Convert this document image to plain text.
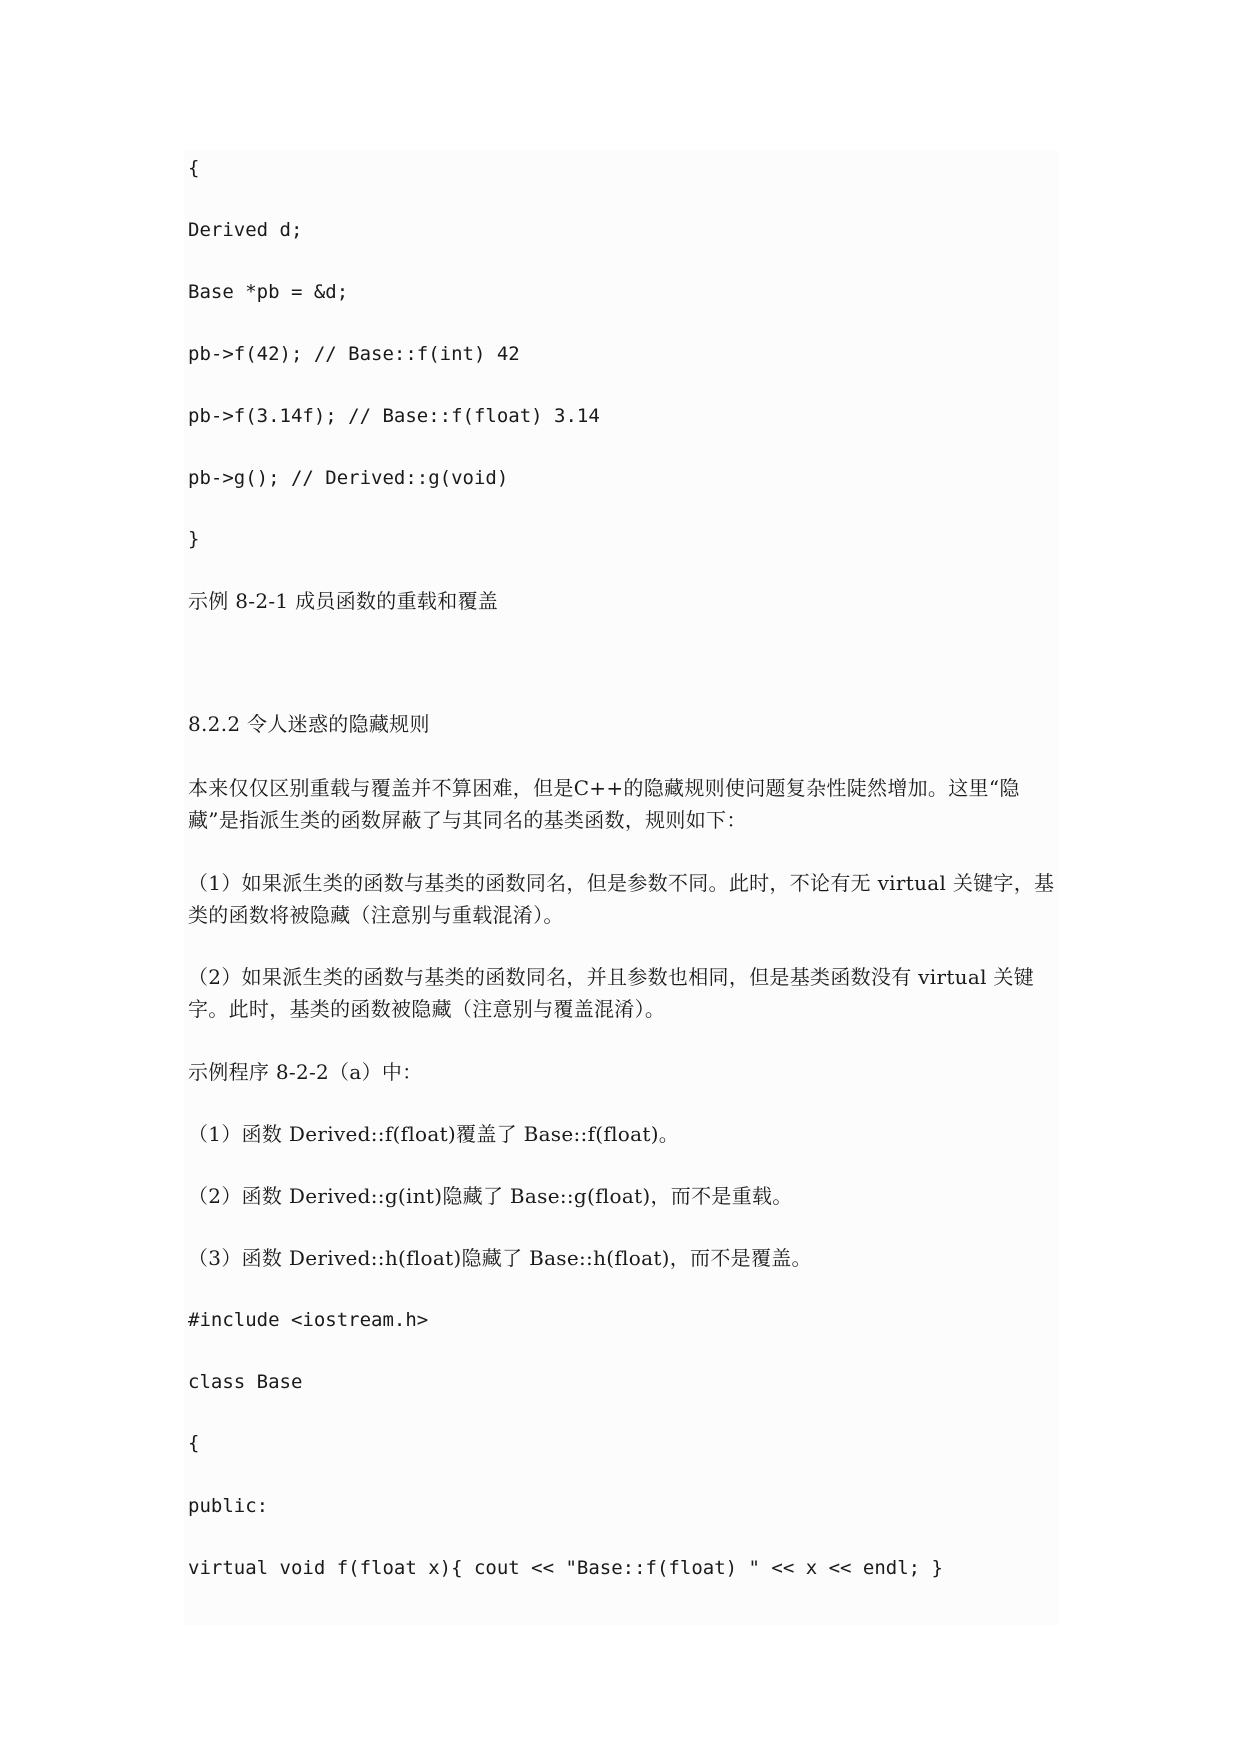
{

Derived d;

Base *pb = &d;

pb->f(42); // Base::f(int) 42

pb->f(3.14f); // Base::f(float) 3.14

pb->g(); // Derived::g(void)

}

示例 8-2-1 成员函数的重载和覆盖

8.2.2 令人迷惑的隐藏规则

本来仅仅区别重载与覆盖并不算困难，但是C++的隐藏规则使问题复杂性陡然增加。这里“隐藏”是指派生类的函数屏蔽了与其同名的基类函数，规则如下：

（1）如果派生类的函数与基类的函数同名，但是参数不同。此时，不论有无 virtual 关键字，基类的函数将被隐藏（注意别与重载混淆）。

（2）如果派生类的函数与基类的函数同名，并且参数也相同，但是基类函数没有 virtual 关键字。此时，基类的函数被隐藏（注意别与覆盖混淆）。

示例程序 8-2-2（a）中：

（1）函数 Derived::f(float)覆盖了 Base::f(float)。

（2）函数 Derived::g(int)隐藏了 Base::g(float)，而不是重载。

（3）函数 Derived::h(float)隐藏了 Base::h(float)，而不是覆盖。

#include <iostream.h>

class Base

{

public:

virtual void f(float x){ cout << "Base::f(float) " << x << endl; }
